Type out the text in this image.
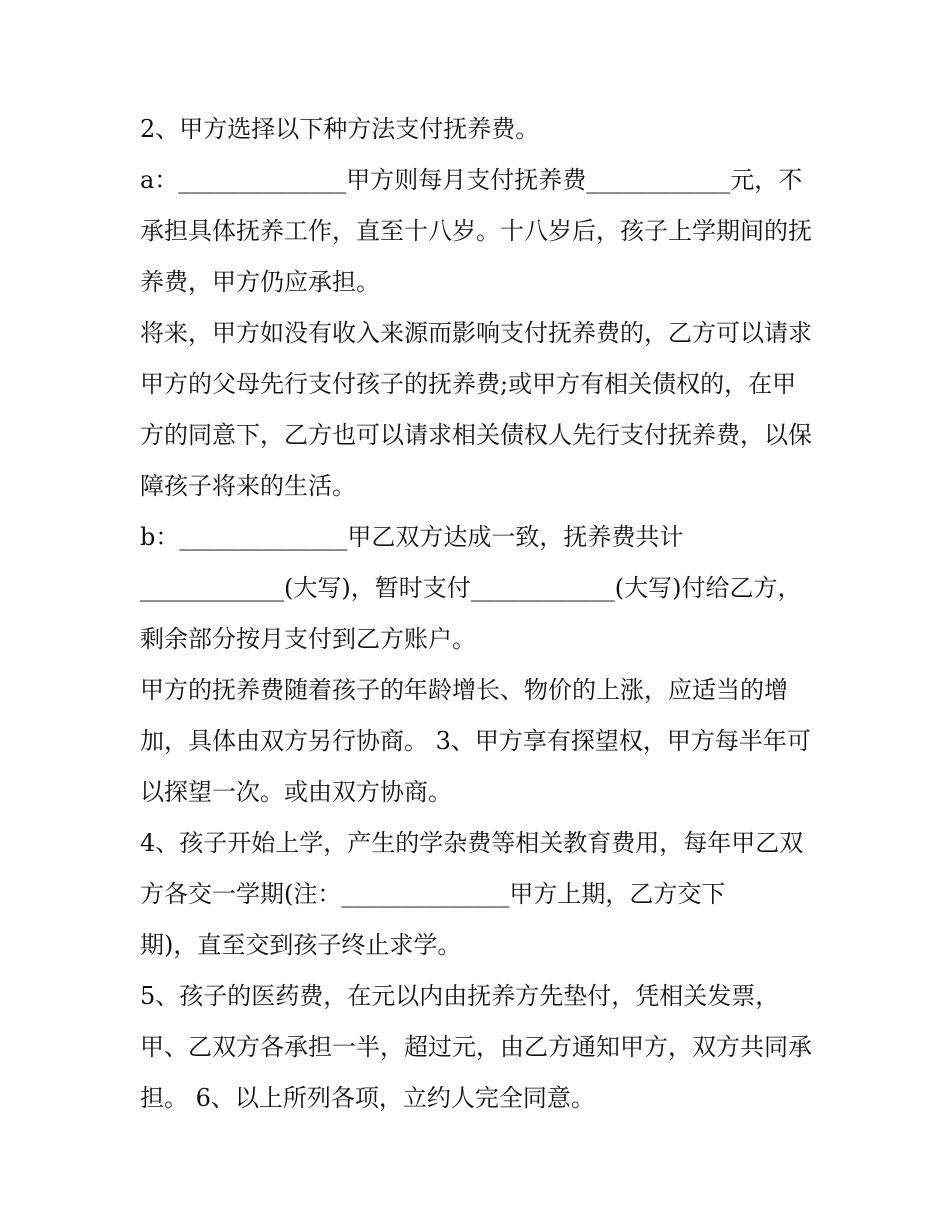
2、甲方选择以下种方法支付抚养费。

a：______________甲方则每月支付抚养费____________元，不承担具体抚养工作，直至十八岁。十八岁后，孩子上学期间的抚养费，甲方仍应承担。

将来，甲方如没有收入来源而影响支付抚养费的，乙方可以请求甲方的父母先行支付孩子的抚养费;或甲方有相关债权的，在甲方的同意下，乙方也可以请求相关债权人先行支付抚养费，以保障孩子将来的生活。

b：______________甲乙双方达成一致，抚养费共计
____________(大写)，暂时支付____________(大写)付给乙方，剩余部分按月支付到乙方账户。

甲方的抚养费随着孩子的年龄增长、物价的上涨，应适当的增加，具体由双方另行协商。 3、甲方享有探望权，甲方每半年可以探望一次。或由双方协商。

4、孩子开始上学，产生的学杂费等相关教育费用，每年甲乙双方各交一学期(注：______________甲方上期，乙方交下
期)，直至交到孩子终止求学。

5、孩子的医药费，在元以内由抚养方先垫付，凭相关发票，甲、乙双方各承担一半，超过元，由乙方通知甲方，双方共同承担。 6、以上所列各项，立约人完全同意。
